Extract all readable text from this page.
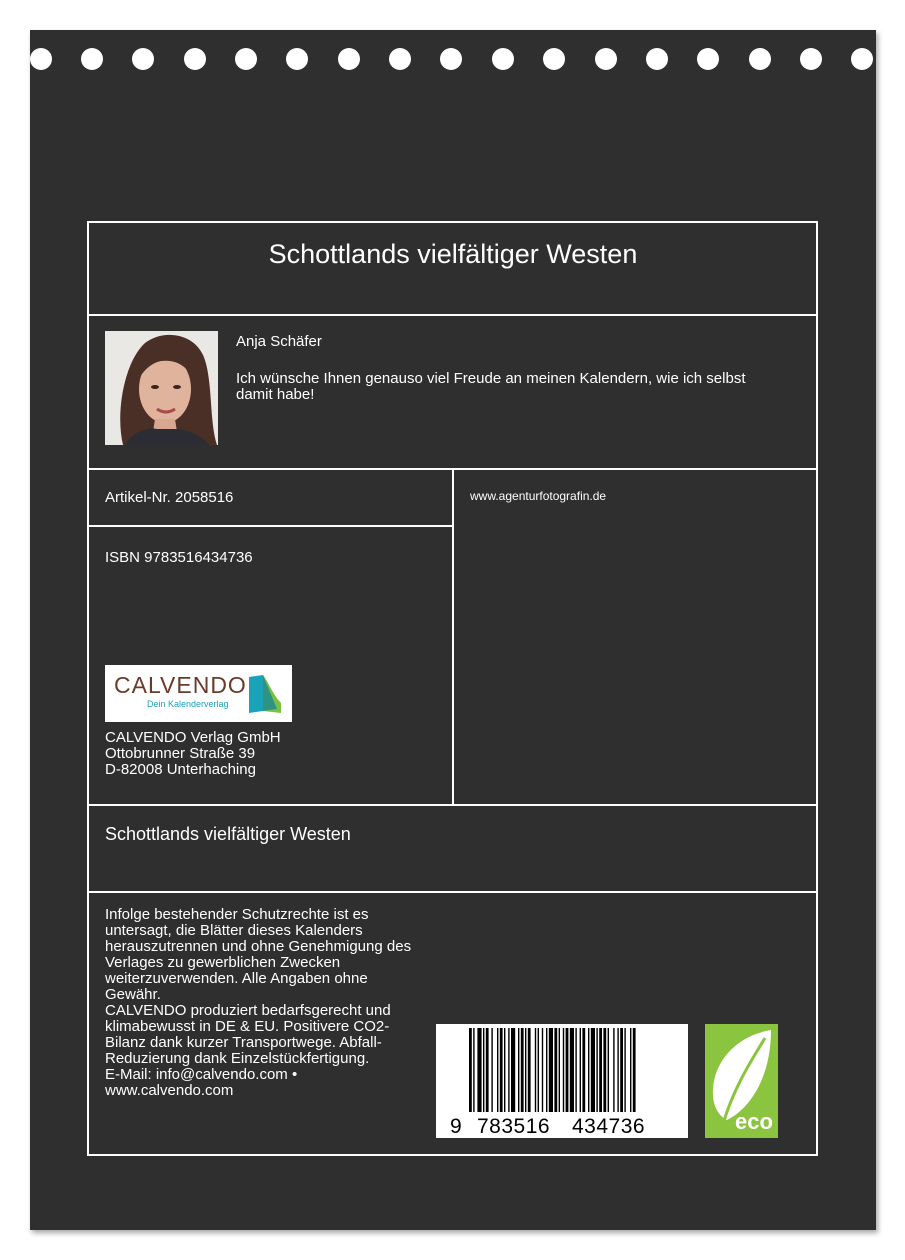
Schottlands vielfältiger Westen
Anja Schäfer
Ich wünsche Ihnen genauso viel Freude an meinen Kalendern, wie ich selbst damit habe!
Artikel-Nr. 2058516
ISBN 9783516434736
www.agenturfotografin.de
CALVENDO
Dein Kalenderverlag
CALVENDO Verlag GmbH
Ottobrunner Straße 39
D-82008 Unterhaching
Schottlands vielfältiger Westen
Infolge bestehender Schutzrechte ist es
untersagt, die Blätter dieses Kalenders
herauszutrennen und ohne Genehmigung des
Verlages zu gewerblichen Zwecken
weiterzuverwenden. Alle Angaben ohne
Gewähr.
CALVENDO produziert bedarfsgerecht und
klimabewusst in DE & EU. Positivere CO2-
Bilanz dank kurzer Transportwege. Abfall-
Reduzierung dank Einzelstückfertigung.
E-Mail: info@calvendo.com •
www.calvendo.com
9 783516 434736	eco
